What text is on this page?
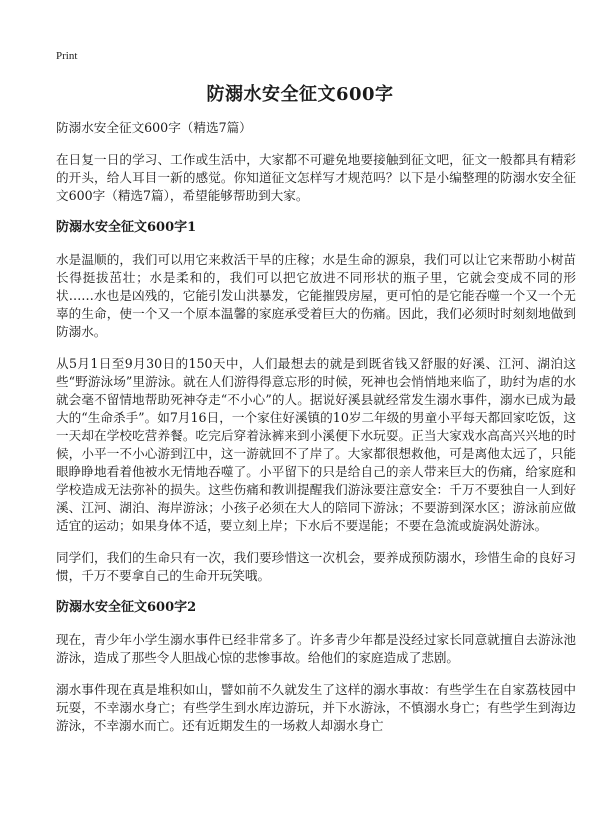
Print
防溺水安全征文600字
防溺水安全征文600字（精选7篇）

在日复一日的学习、工作或生活中，大家都不可避免地要接触到征文吧，征文一般都具有精彩的开头，给人耳目一新的感觉。你知道征文怎样写才规范吗？以下是小编整理的防溺水安全征文600字（精选7篇），希望能够帮助到大家。

防溺水安全征文600字1

水是温顺的，我们可以用它来救活干旱的庄稼；水是生命的源泉，我们可以让它来帮助小树苗长得挺拔茁壮；水是柔和的，我们可以把它放进不同形状的瓶子里，它就会变成不同的形状……水也是凶残的，它能引发山洪暴发，它能摧毁房屋，更可怕的是它能吞噬一个又一个无辜的生命，使一个又一个原本温馨的家庭承受着巨大的伤痛。因此，我们必须时时刻刻地做到防溺水。

从5月1日至9月30日的150天中，人们最想去的就是到既省钱又舒服的好溪、江河、湖泊这些“野游泳场”里游泳。就在人们游得得意忘形的时候，死神也会悄悄地来临了，助纣为虐的水就会毫不留情地帮助死神夺走“不小心”的人。据说好溪县就经常发生溺水事件，溺水已成为最大的“生命杀手”。如7月16日，一个家住好溪镇的10岁二年级的男童小平每天都回家吃饭，这一天却在学校吃营养餐。吃完后穿着泳裤来到小溪便下水玩耍。正当大家戏水高高兴兴地的时候，小平一不小心游到江中，这一游就回不了岸了。大家都很想救他，可是离他太远了，只能眼睁睁地看着他被水无情地吞噬了。小平留下的只是给自己的亲人带来巨大的伤痛，给家庭和学校造成无法弥补的损失。这些伤痛和教训提醒我们游泳要注意安全：千万不要独自一人到好溪、江河、湖泊、海岸游泳；小孩子必须在大人的陪同下游泳；不要游到深水区；游泳前应做适宜的运动；如果身体不适，要立刻上岸；下水后不要逞能；不要在急流或旋涡处游泳。

同学们，我们的生命只有一次，我们要珍惜这一次机会，要养成预防溺水，珍惜生命的良好习惯，千万不要拿自己的生命开玩笑哦。

防溺水安全征文600字2

现在，青少年小学生溺水事件已经非常多了。许多青少年都是没经过家长同意就擅自去游泳池游泳，造成了那些令人胆战心惊的悲惨事故。给他们的家庭造成了悲剧。

溺水事件现在真是堆积如山，譬如前不久就发生了这样的溺水事故：有些学生在自家荔枝园中玩耍，不幸溺水身亡；有些学生到水库边游玩，并下水游泳，不慎溺水身亡；有些学生到海边游泳，不幸溺水而亡。还有近期发生的一场救人却溺水身亡
